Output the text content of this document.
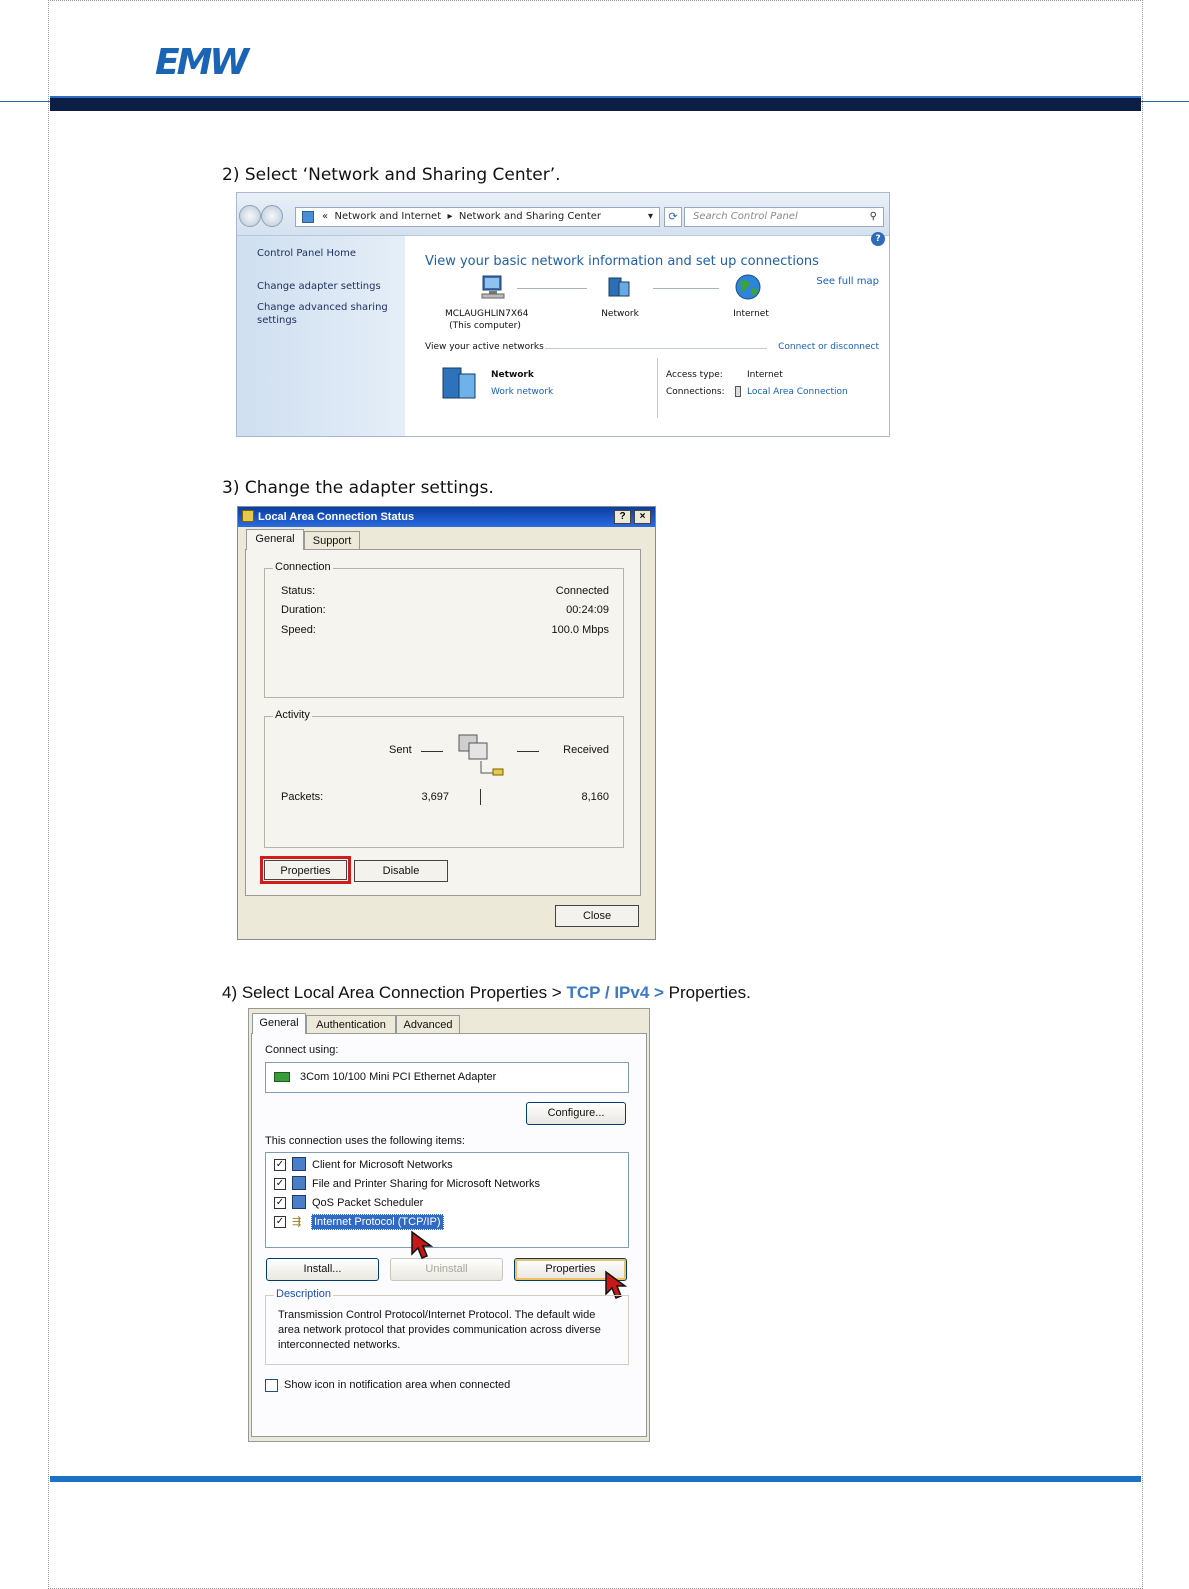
EMW
2) Select ‘Network and Sharing Center’.
« Network and Internet  ▸  Network and Sharing Center	▾	⟳	Search Control Panel	⚲
Control Panel Home
Change adapter settings
Change advanced sharing
settings
?
View your basic network information and set up connections
See full map
MCLAUGHLIN7X64
(This computer)
Network	Internet
View your active networks	Connect or disconnect
Network
Work network
Access type:	Internet
Connections: Local Area Connection
3) Change the adapter settings.
Local Area Connection Status	?	×
General	Support
Connection
Status:	Connected
Duration:	00:24:09
Speed:	100.0 Mbps
Activity
Sent	Received
Packets:	3,697	8,160
Properties	Disable
Close
4) Select Local Area Connection Properties > TCP / IPv4 > Properties.
General	Authentication	Advanced
Connect using:
3Com 10/100 Mini PCI Ethernet Adapter
Configure...
This connection uses the following items:
✓	Client for Microsoft Networks
✓	File and Printer Sharing for Microsoft Networks
✓	QoS Packet Scheduler
✓ ⇶	Internet Protocol (TCP/IP)
Install...	Uninstall	Properties
Description
Transmission Control Protocol/Internet Protocol. The default wide area network protocol that provides communication across diverse interconnected networks.
Show icon in notification area when connected
